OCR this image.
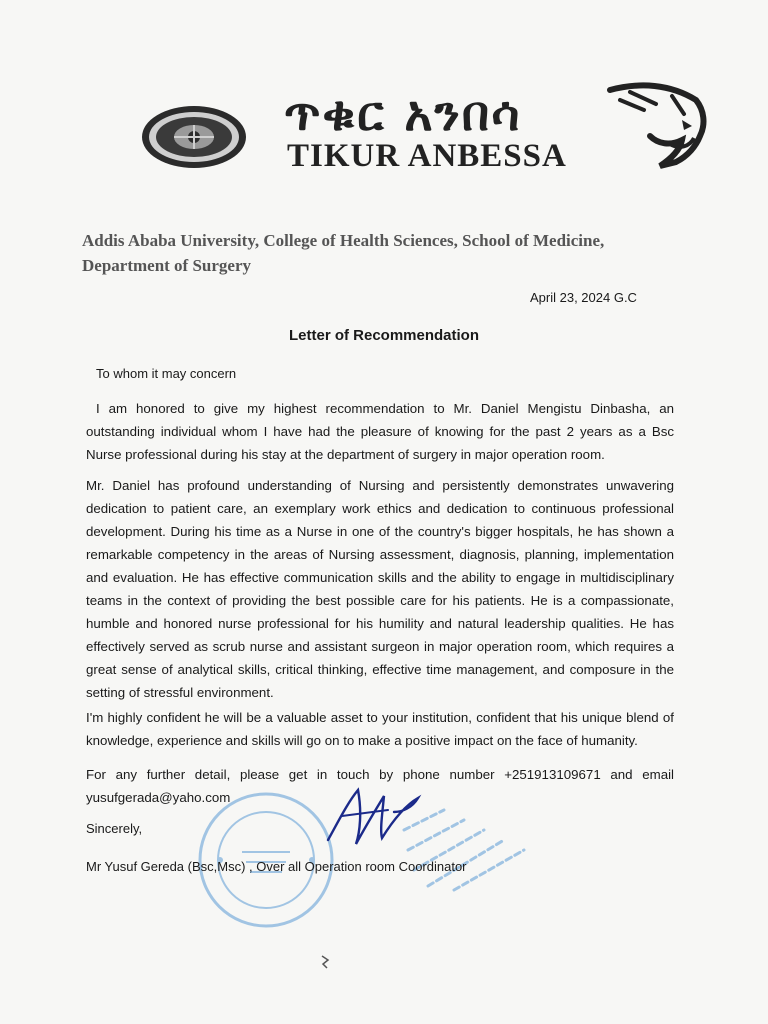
ጥቁር አንበሳ
TIKUR ANBESSA
Addis Ababa University, College of Health Sciences, School of Medicine,
Department of Surgery
April 23, 2024 G.C
Letter of Recommendation
To whom it may concern

I am honored to give my highest recommendation to Mr. Daniel Mengistu Dinbasha, an outstanding individual whom I have had the pleasure of knowing for the past 2 years as a Bsc Nurse professional during his stay at the department of surgery in major operation room.

Mr. Daniel has profound understanding of Nursing and persistently demonstrates unwavering dedication to patient care, an exemplary work ethics and dedication to continuous professional development. During his time as a Nurse in one of the country's bigger hospitals, he has shown a remarkable competency in the areas of Nursing assessment, diagnosis, planning, implementation and evaluation. He has effective communication skills and the ability to engage in multidisciplinary teams in the context of providing the best possible care for his patients. He is a compassionate, humble and honored nurse professional for his humility and natural leadership qualities. He has effectively served as scrub nurse and assistant surgeon in major operation room, which requires a great sense of analytical skills, critical thinking, effective time management, and composure in the setting of stressful environment.

I'm highly confident he will be a valuable asset to your institution, confident that his unique blend of knowledge, experience and skills will go on to make a positive impact on the face of humanity.

For any further detail, please get in touch by phone number +251913109671 and email yusufgerada@yaho.com

Sincerely,
Mr Yusuf Gereda (Bsc,Msc) , Over all Operation room Coordinator
